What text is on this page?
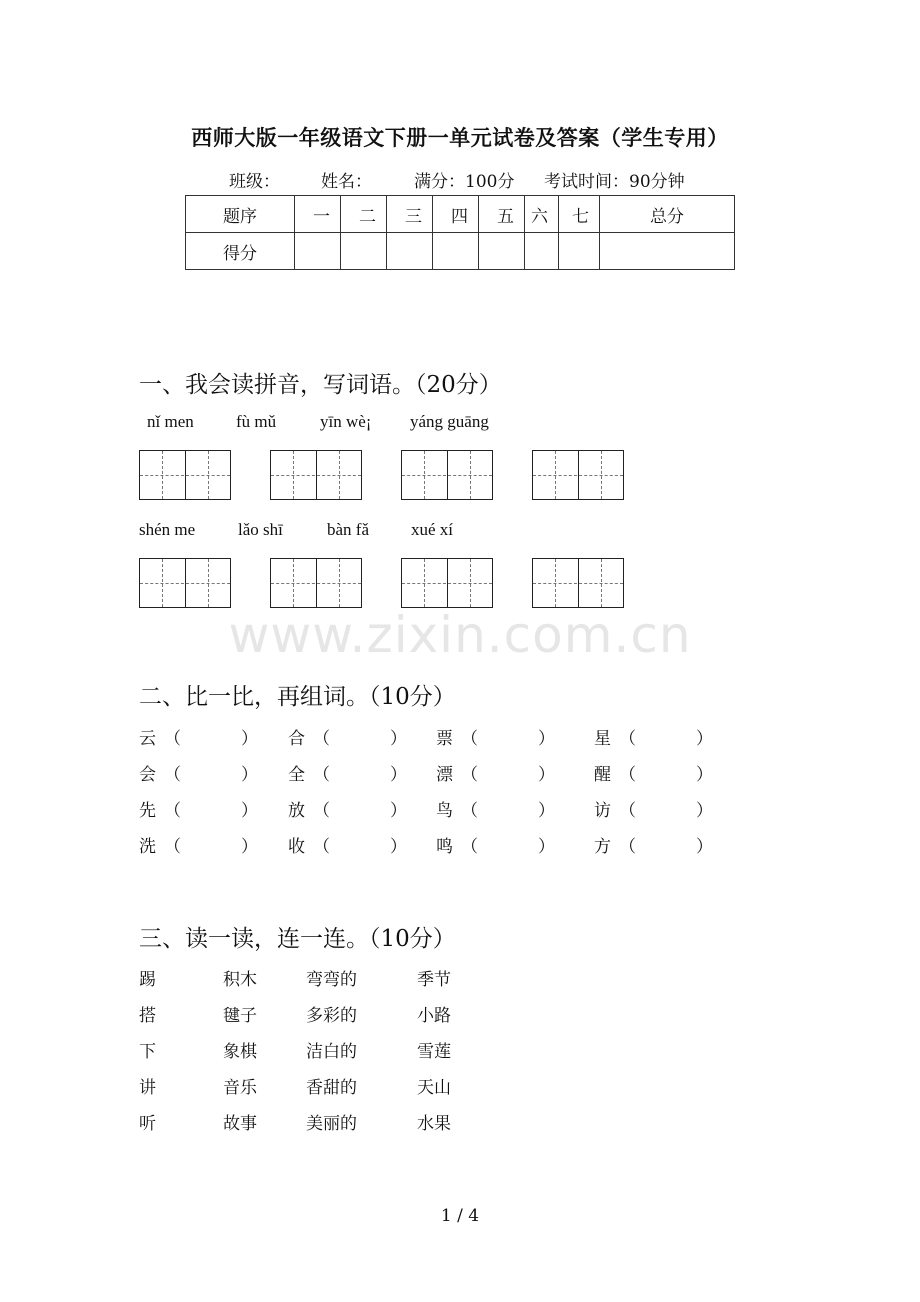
西师大版一年级语文下册一单元试卷及答案（学生专用）
班级： 姓名： 满分：100分 考试时间：90分钟
题序	一	二	三	四	五	六	七	总分
得分								
一、我会读拼音，写词语。（20分）
nǐ men fù mǔ	yīn wè¡ yáng guāng
shén me	lǎo shī	bàn fǎ xué xí
www.zixin.com.cn
二、比一比，再组词。（10分）
云 （	） 合 （	） 票 （	） 星 （	）
会 （	） 全 （	） 漂 （	） 醒 （	）
先 （	） 放 （	） 鸟 （	） 访 （	）
洗 （	） 收 （	） 鸣 （	） 方 （	）
三、读一读，连一连。（10分）
踢	积木	弯弯的	季节
搭	毽子	多彩的	小路
下	象棋	洁白的	雪莲
讲	音乐	香甜的	天山
听	故事	美丽的	水果
1 / 4
